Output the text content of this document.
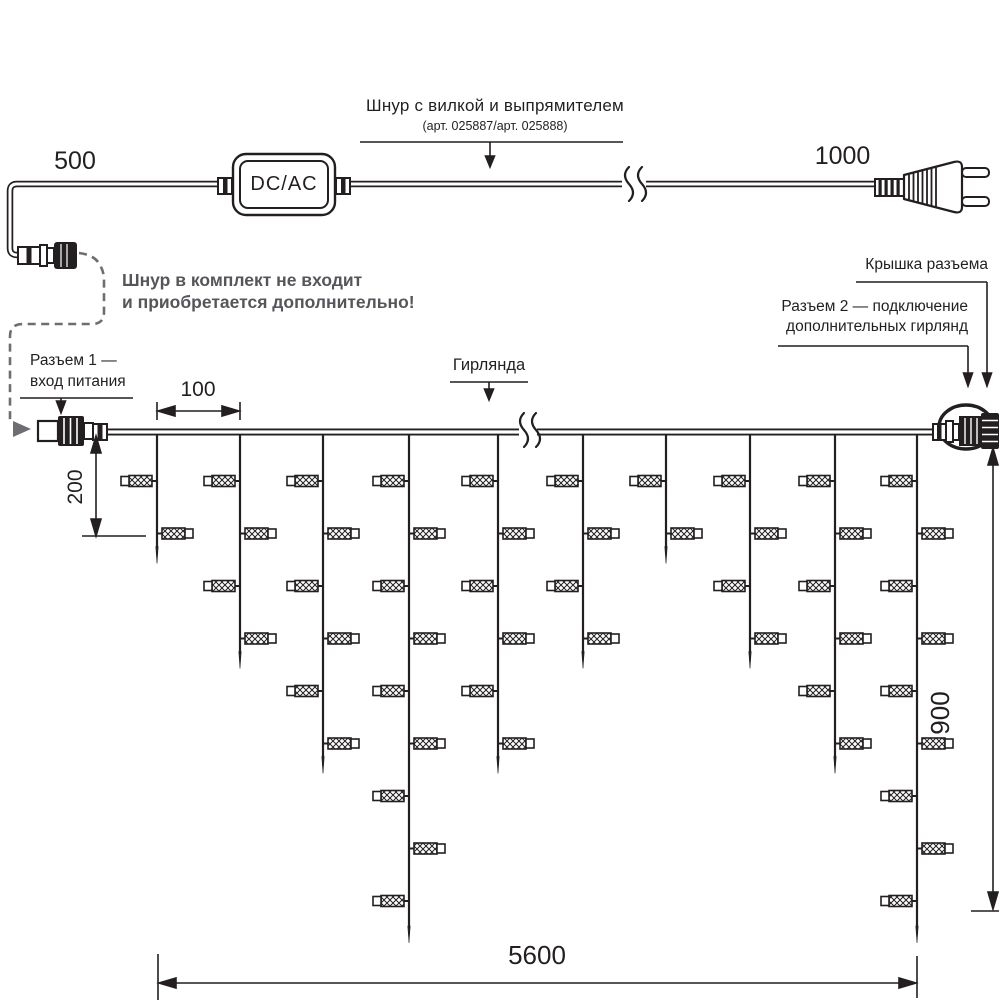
Шнур с вилкой и выпрямителем
(арт. 025887/арт. 025888)
500	1000
Шнур в комплект не входит
и приобретается дополнительно!
Разъем 1 —
вход питания
Гирлянда
Крышка разъема
Разъем 2 — подключение
дополнительных гирлянд
100
200
900
5600
DC/AC
